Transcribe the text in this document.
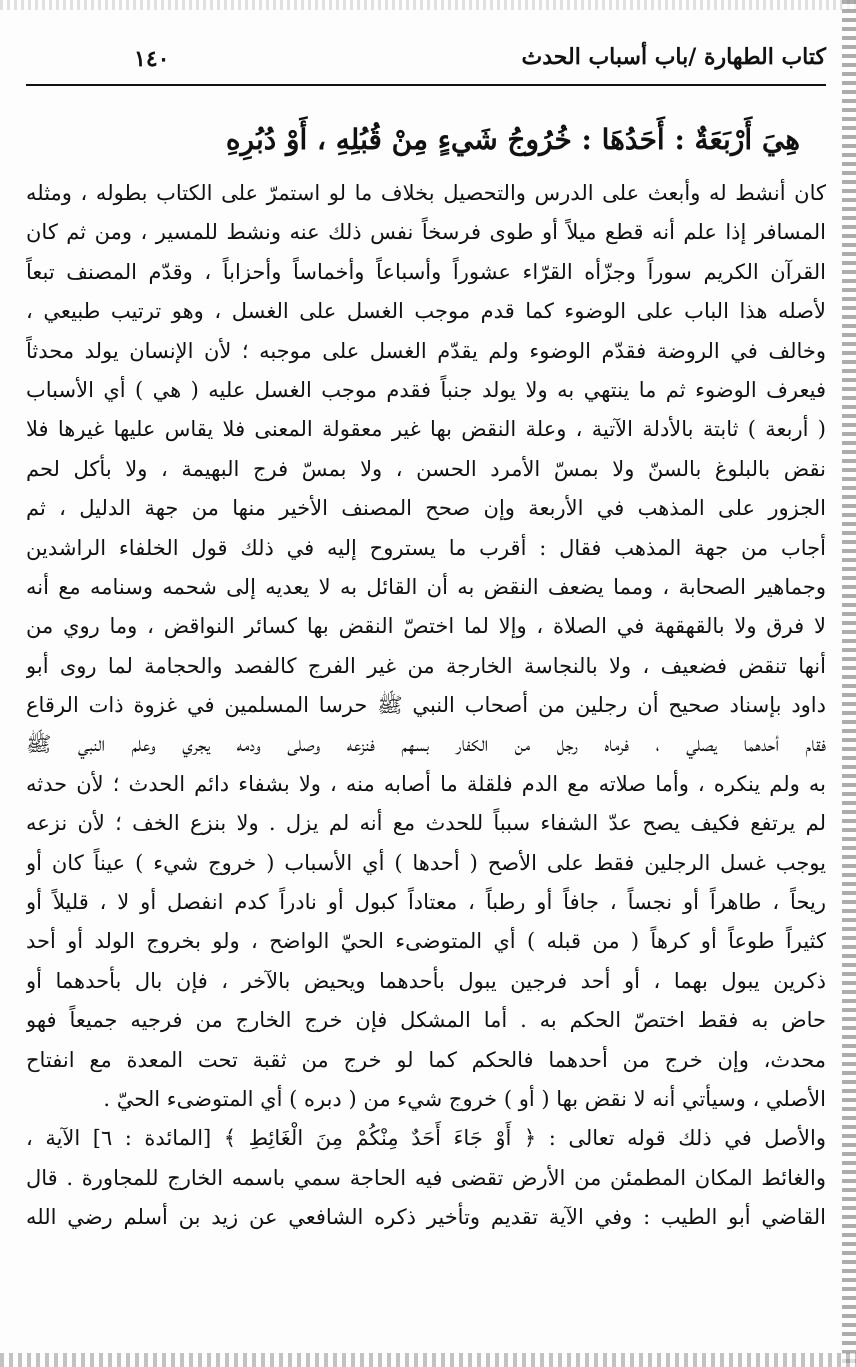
كتاب الطهارة /باب أسباب الحدث
١٤٠
هِيَ أَرْبَعَةٌ : أَحَدُهَا : خُرُوجُ شَيءٍ مِنْ قُبُلِهِ ، أَوْ دُبُرِهِ
كان أنشط له وأبعث على الدرس والتحصيل بخلاف ما لو استمرّ على الكتاب بطوله ، ومثله
المسافر إذا علم أنه قطع ميلاً أو طوى فرسخاً نفس ذلك عنه ونشط للمسير ، ومن ثم كان
القرآن الكريم سوراً وجزّأه القرّاء عشوراً وأسباعاً وأخماساً وأحزاباً ، وقدّم المصنف تبعاً
لأصله هذا الباب على الوضوء كما قدم موجب الغسل على الغسل ، وهو ترتيب طبيعي ،
وخالف في الروضة فقدّم الوضوء ولم يقدّم الغسل على موجبه ؛ لأن الإنسان يولد محدثاً
فيعرف الوضوء ثم ما ينتهي به ولا يولد جنباً فقدم موجب الغسل عليه ( هي ) أي الأسباب
( أربعة ) ثابتة بالأدلة الآتية ، وعلة النقض بها غير معقولة المعنى فلا يقاس عليها غيرها فلا
نقض بالبلوغ بالسنّ ولا بمسّ الأمرد الحسن ، ولا بمسّ فرج البهيمة ، ولا بأكل لحم
الجزور على المذهب في الأربعة وإن صحح المصنف الأخير منها من جهة الدليل ، ثم
أجاب من جهة المذهب فقال : أقرب ما يستروح إليه في ذلك قول الخلفاء الراشدين
وجماهير الصحابة ، ومما يضعف النقض به أن القائل به لا يعديه إلى شحمه وسنامه مع أنه
لا فرق ولا بالقهقهة في الصلاة ، وإلا لما اختصّ النقض بها كسائر النواقض ، وما روي من
أنها تنقض فضعيف ، ولا بالنجاسة الخارجة من غير الفرج كالفصد والحجامة لما روى أبو
داود بإسناد صحيح أن رجلين من أصحاب النبي ﷺ حرسا المسلمين في غزوة ذات الرقاع
فقام أحدهما يصلي ، فرماه رجل من الكفار بسهم فنزعه وصلى ودمه يجري وعلم النبي ﷺ
به ولم ينكره ، وأما صلاته مع الدم فلقلة ما أصابه منه ، ولا بشفاء دائم الحدث ؛ لأن حدثه
لم يرتفع فكيف يصح عدّ الشفاء سبباً للحدث مع أنه لم يزل . ولا بنزع الخف ؛ لأن نزعه
يوجب غسل الرجلين فقط على الأصح ( أحدها ) أي الأسباب ( خروج شيء ) عيناً كان أو
ريحاً ، طاهراً أو نجساً ، جافاً أو رطباً ، معتاداً كبول أو نادراً كدم انفصل أو لا ، قليلاً أو
كثيراً طوعاً أو كرهاً ( من قبله ) أي المتوضىء الحيّ الواضح ، ولو بخروج الولد أو أحد
ذكرين يبول بهما ، أو أحد فرجين يبول بأحدهما ويحيض بالآخر ، فإن بال بأحدهما أو
حاض به فقط اختصّ الحكم به . أما المشكل فإن خرج الخارج من فرجيه جميعاً فهو
محدث، وإن خرج من أحدهما فالحكم كما لو خرج من ثقبة تحت المعدة مع انفتاح
الأصلي ، وسيأتي أنه لا نقض بها ( أو ) خروج شيء من ( دبره ) أي المتوضىء الحيّ .
والأصل في ذلك قوله تعالى : ﴿ أَوْ جَاءَ أَحَدٌ مِنْكُمْ مِنَ الْغَائِطِ ﴾ [المائدة : ٦] الآية ،
والغائط المكان المطمئن من الأرض تقضى فيه الحاجة سمي باسمه الخارج للمجاورة . قال
القاضي أبو الطيب : وفي الآية تقديم وتأخير ذكره الشافعي عن زيد بن أسلم رضي الله
